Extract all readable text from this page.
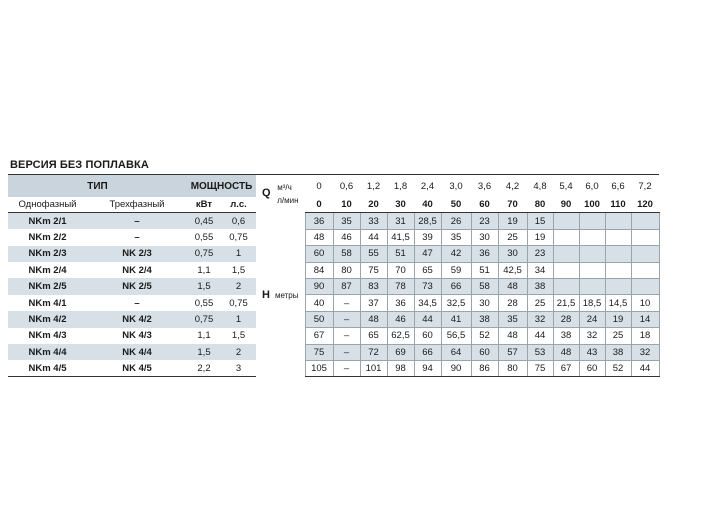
ВЕРСИЯ БЕЗ ПОПЛАВКА
ТИП		МОЩНОСТЬ		Q
м³/ч
л/мин	0	0,6	1,2	1,8	2,4	3,0	3,6	4,2	4,8	5,4	6,0	6,6	7,2
Однофазный	Трехфазный	кВт	л.с.		0	10	20	30	40	50	60	70	80	90	100	110	120
NKm 2/1	–	0,45	0,6	H метры	36	35	33	31	28,5	26	23	19	15				
NKm 2/2	–	0,55	0,75		48	46	44	41,5	39	35	30	25	19				
NKm 2/3	NK 2/3	0,75	1		60	58	55	51	47	42	36	30	23				
NKm 2/4	NK 2/4	1,1	1,5		84	80	75	70	65	59	51	42,5	34				
NKm 2/5	NK 2/5	1,5	2		90	87	83	78	73	66	58	48	38				
NKm 4/1	–	0,55	0,75		40	–	37	36	34,5	32,5	30	28	25	21,5	18,5	14,5	10
NKm 4/2	NK 4/2	0,75	1		50	–	48	46	44	41	38	35	32	28	24	19	14
NKm 4/3	NK 4/3	1,1	1,5		67	–	65	62,5	60	56,5	52	48	44	38	32	25	18
NKm 4/4	NK 4/4	1,5	2		75	–	72	69	66	64	60	57	53	48	43	38	32
NKm 4/5	NK 4/5	2,2	3		105	–	101	98	94	90	86	80	75	67	60	52	44
